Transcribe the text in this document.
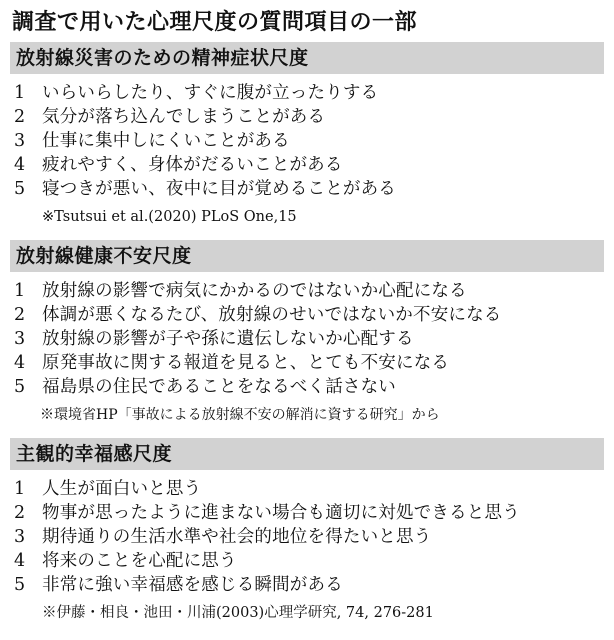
調査で用いた心理尺度の質問項目の一部
放射線災害のための精神症状尺度
1 いらいらしたり、すぐに腹が立ったりする
2 気分が落ち込んでしまうことがある
3 仕事に集中しにくいことがある
4 疲れやすく、身体がだるいことがある
5 寝つきが悪い、夜中に目が覚めることがある
※Tsutsui et al.(2020) PLoS One,15
放射線健康不安尺度
1 放射線の影響で病気にかかるのではないか心配になる
2 体調が悪くなるたび、放射線のせいではないか不安になる
3 放射線の影響が子や孫に遺伝しないか心配する
4 原発事故に関する報道を見ると、とても不安になる
5 福島県の住民であることをなるべく話さない
※環境省HP「事故による放射線不安の解消に資する研究」から
主観的幸福感尺度
1 人生が面白いと思う
2 物事が思ったように進まない場合も適切に対処できると思う
3 期待通りの生活水準や社会的地位を得たいと思う
4 将来のことを心配に思う
5 非常に強い幸福感を感じる瞬間がある
※伊藤・相良・池田・川浦(2003)心理学研究, 74, 276-281
